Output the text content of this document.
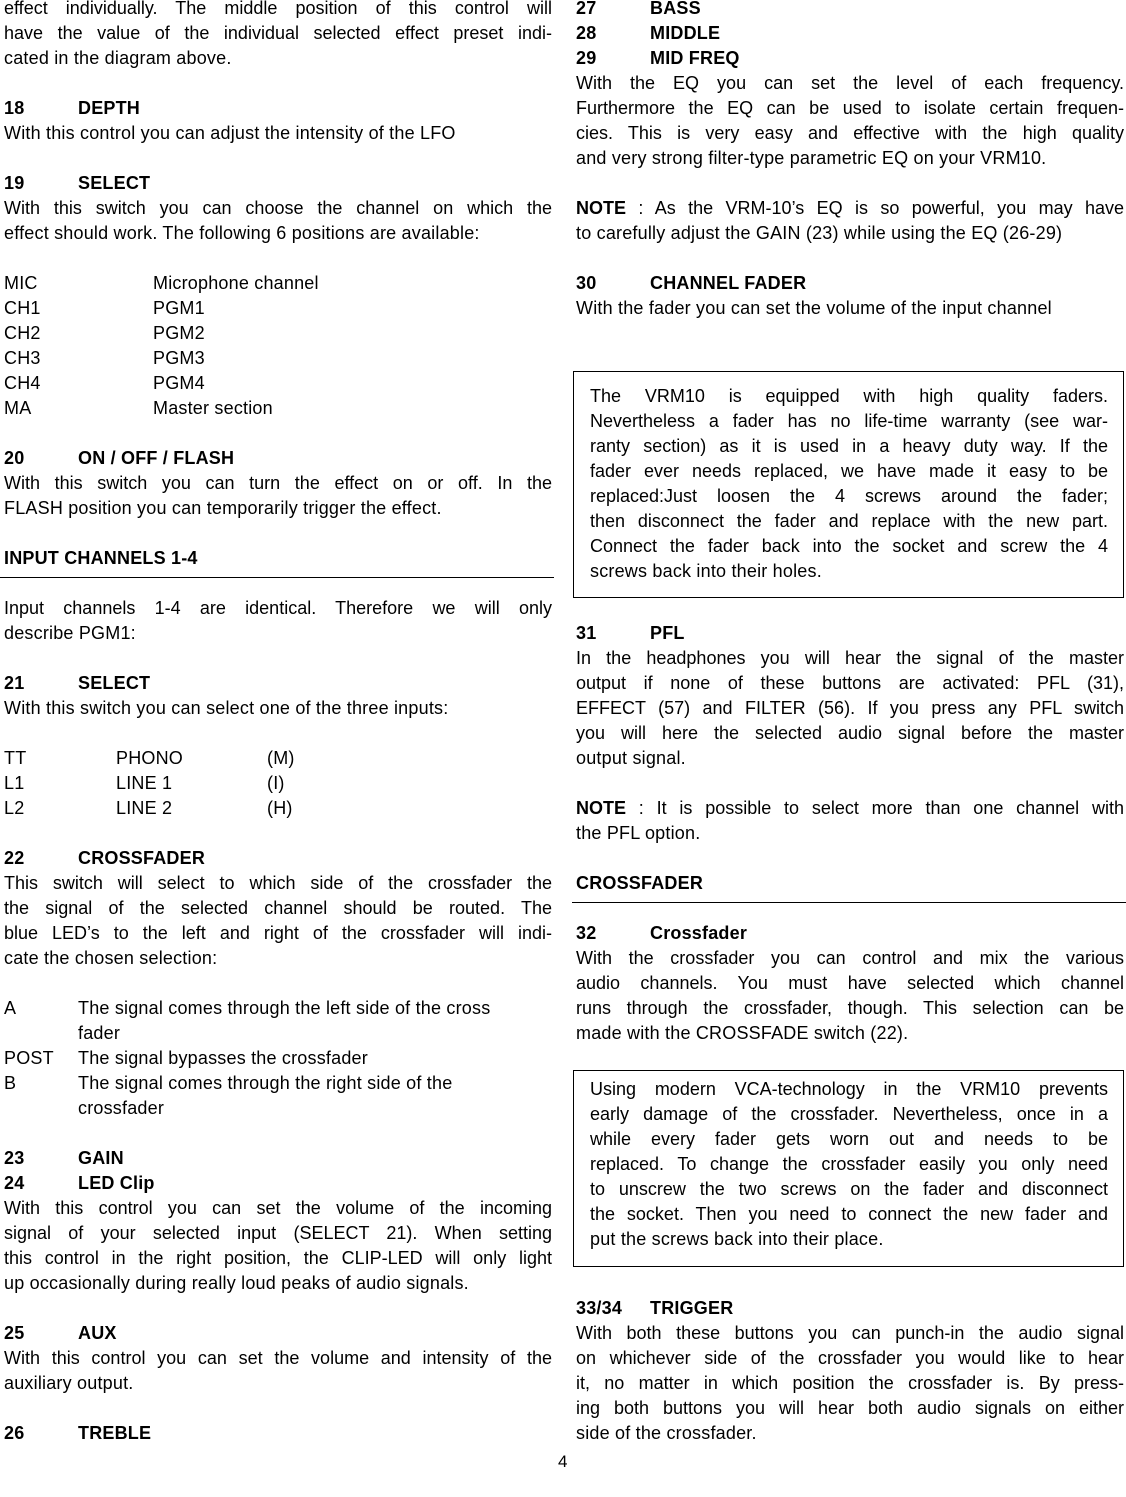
effect individually. The middle position of this control will
have the value of the individual selected effect preset indi-
cated in the diagram above.
18	DEPTH
With this control you can adjust the intensity of the LFO
19	SELECT
With this switch you can choose the channel on which the
effect should work. The following 6 positions are available:
MIC	Microphone channel
CH1	PGM1
CH2	PGM2
CH3	PGM3
CH4	PGM4
MA	Master section
20	ON / OFF / FLASH
With this switch you can turn the effect on or off. In the
FLASH position you can temporarily trigger the effect.
INPUT CHANNELS 1-4
Input channels 1-4 are identical. Therefore we will only
describe PGM1:
21	SELECT
With this switch you can select one of the three inputs:
TT	PHONO	(M)
L1	LINE 1	(I)
L2	LINE 2	(H)
22	CROSSFADER
This switch will select to which side of the crossfader the
the signal of the selected channel should be routed. The
blue LED’s to the left and right of the crossfader will indi-
cate the chosen selection:
A	The signal comes through the left side of the cross
fader
POST The signal bypasses the crossfader
B	The signal comes through the right side of the
crossfader
23	GAIN
24	LED Clip
With this control you can set the volume of the incoming
signal of your selected input (SELECT 21). When setting
this control in the right position, the CLIP-LED will only light
up occasionally during really loud peaks of audio signals.
25	AUX
With this control you can set the volume and intensity of the
auxiliary output.
26	TREBLE
27	BASS
28	MIDDLE
29	MID FREQ
With the EQ you can set the level of each frequency.
Furthermore the EQ can be used to isolate certain frequen-
cies. This is very easy and effective with the high quality
and very strong filter-type parametric EQ on your VRM10.
NOTE : As the VRM-10’s EQ is so powerful, you may have
to carefully adjust the GAIN (23) while using the EQ (26-29)
30	CHANNEL FADER
With the fader you can set the volume of the input channel
The VRM10 is equipped with high quality faders.
Nevertheless a fader has no life-time warranty (see war-
ranty section) as it is used in a heavy duty way. If the
fader ever needs replaced, we have made it easy to be
replaced:Just loosen the 4 screws around the fader;
then disconnect the fader and replace with the new part.
Connect the fader back into the socket and screw the 4
screws back into their holes.
31	PFL
In the headphones you will hear the signal of the master
output if none of these buttons are activated: PFL (31),
EFFECT (57) and FILTER (56). If you press any PFL switch
you will here the selected audio signal before the master
output signal.
NOTE : It is possible to select more than one channel with
the PFL option.
CROSSFADER
32	Crossfader
With the crossfader you can control and mix the various
audio channels. You must have selected which channel
runs through the crossfader, though. This selection can be
made with the CROSSFADE switch (22).
Using modern VCA-technology in the VRM10 prevents
early damage of the crossfader. Nevertheless, once in a
while every fader gets worn out and needs to be
replaced. To change the crossfader easily you only need
to unscrew the two screws on the fader and disconnect
the socket. Then you need to connect the new fader and
put the screws back into their place.
33/34 TRIGGER
With both these buttons you can punch-in the audio signal
on whichever side of the crossfader you would like to hear
it, no matter in which position the crossfader is. By press-
ing both buttons you will hear both audio signals on either
side of the crossfader.
4
